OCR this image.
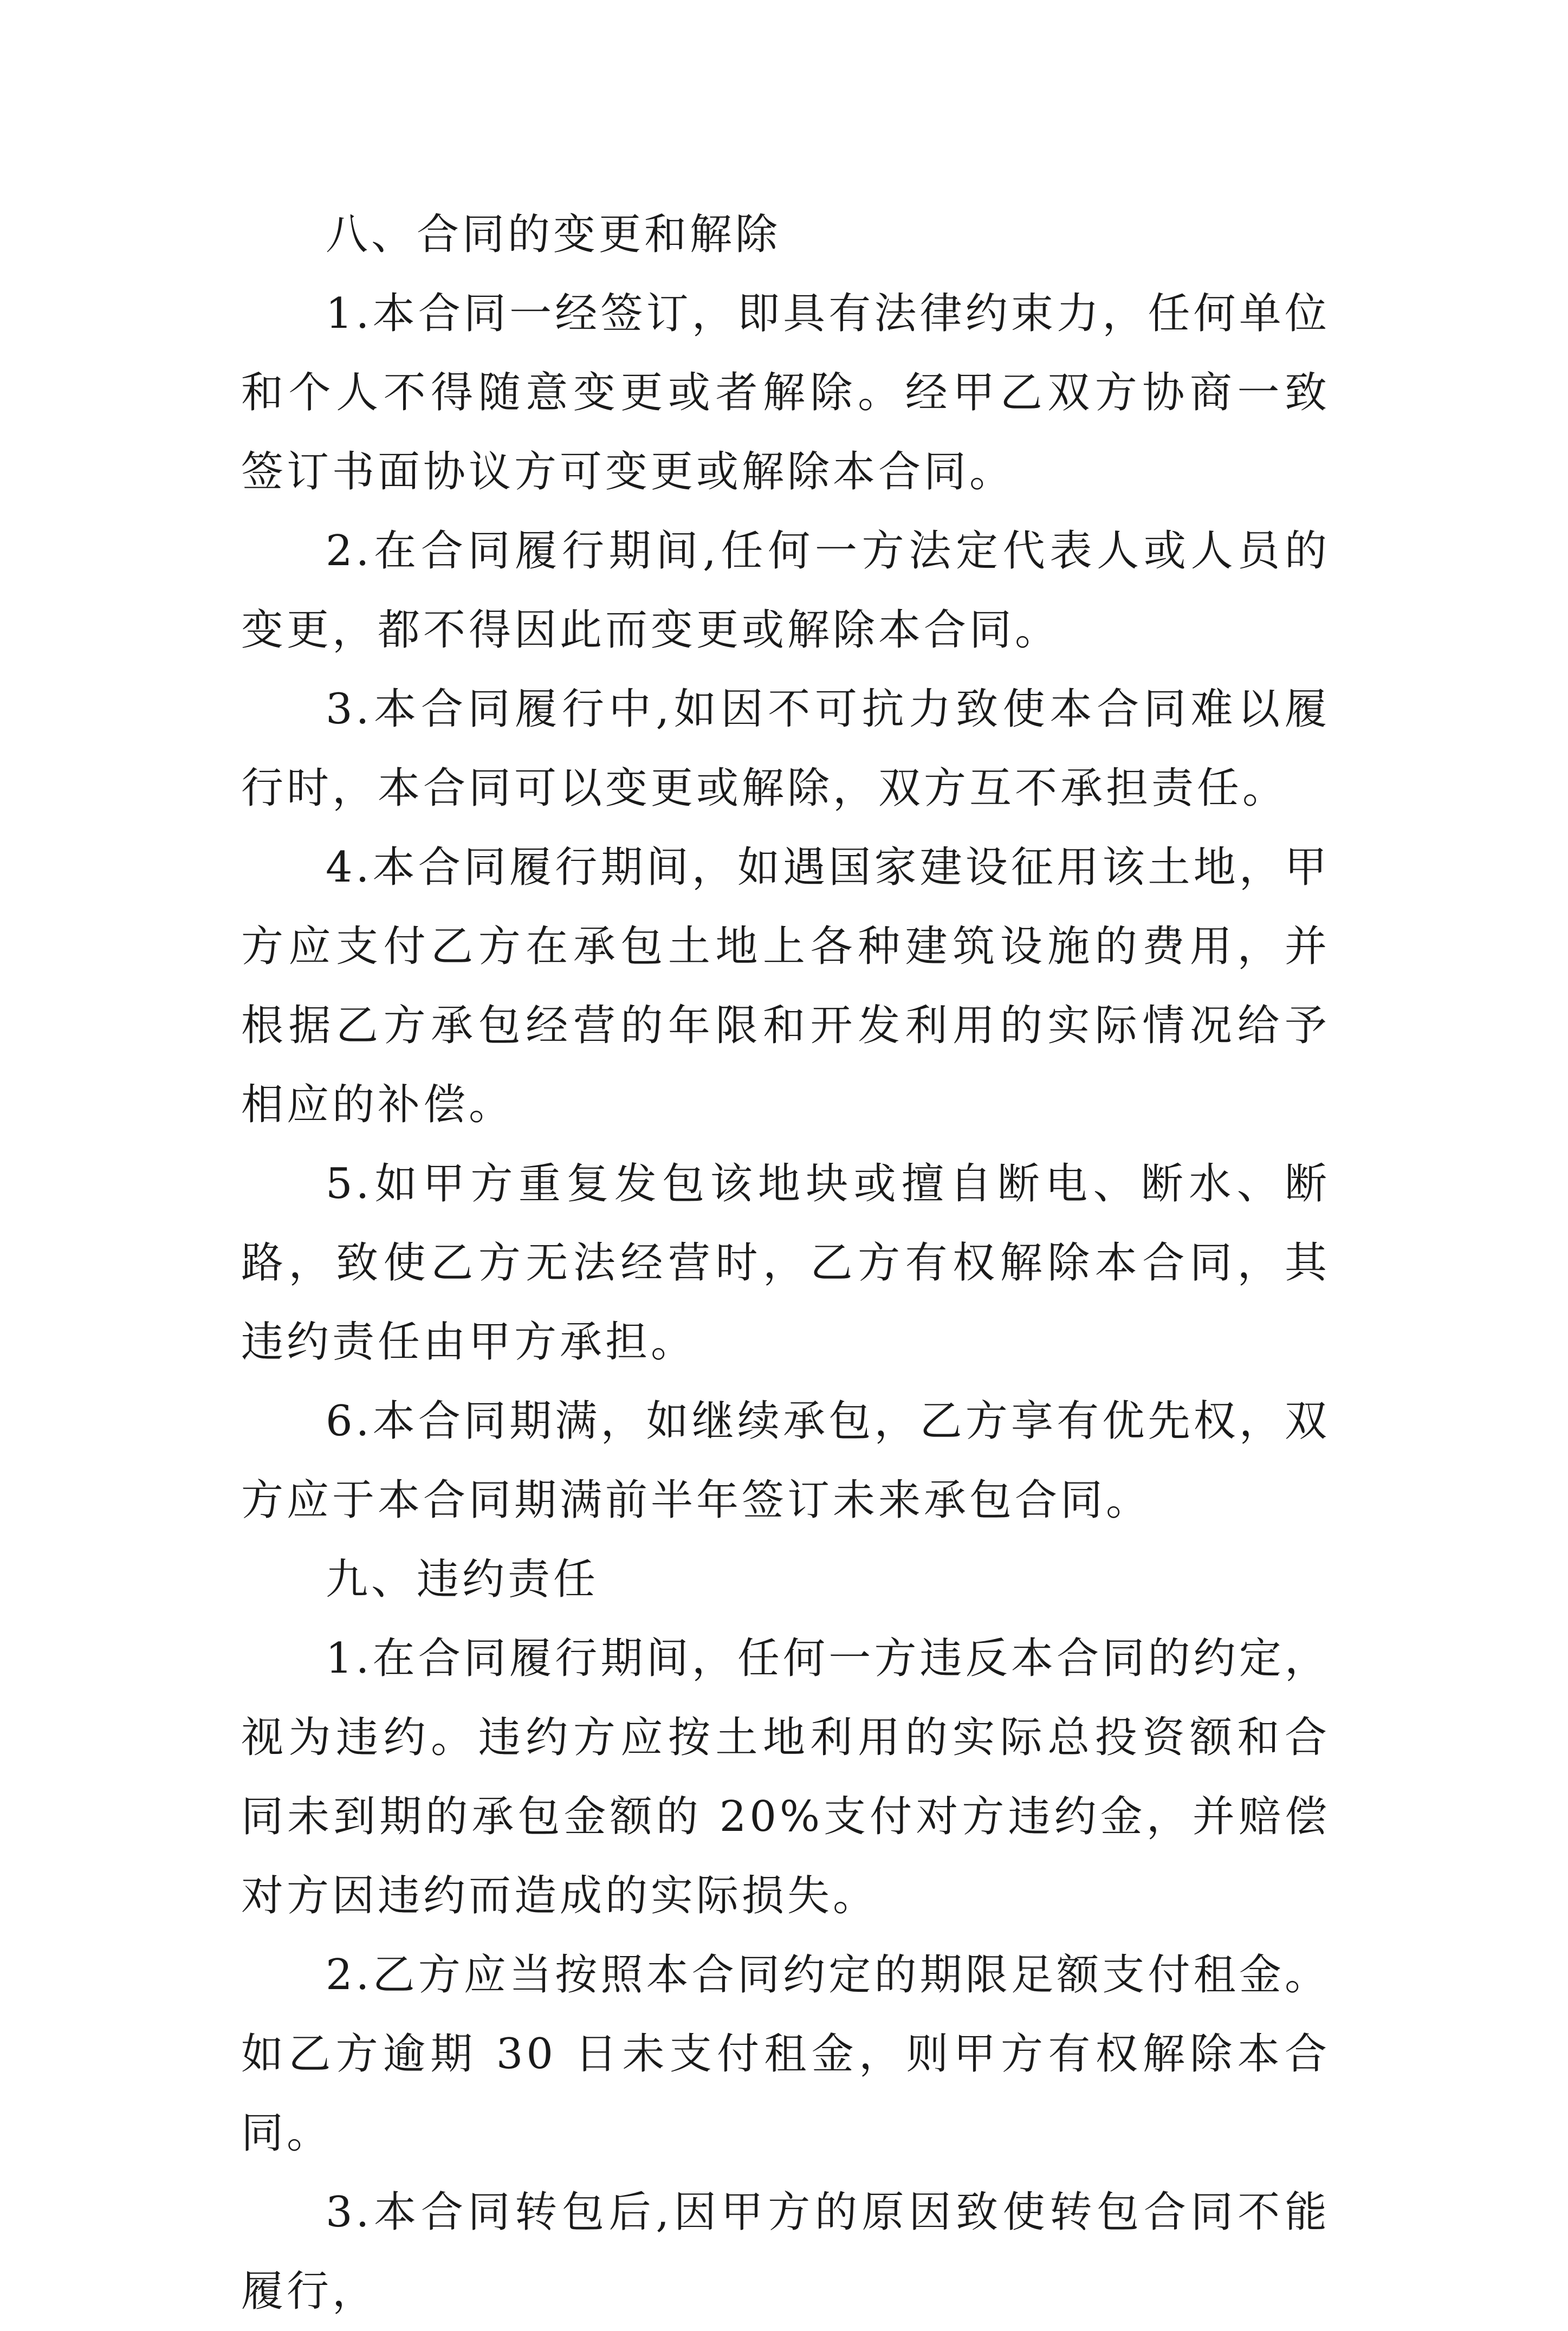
八、合同的变更和解除

1.本合同一经签订，即具有法律约束力，任何单位和个人不得随意变更或者解除。经甲乙双方协商一致签订书面协议方可变更或解除本合同。

2.在合同履行期间,任何一方法定代表人或人员的变更，都不得因此而变更或解除本合同。

3.本合同履行中,如因不可抗力致使本合同难以履行时，本合同可以变更或解除，双方互不承担责任。

4.本合同履行期间，如遇国家建设征用该土地，甲方应支付乙方在承包土地上各种建筑设施的费用，并根据乙方承包经营的年限和开发利用的实际情况给予相应的补偿。

5.如甲方重复发包该地块或擅自断电、断水、断路，致使乙方无法经营时，乙方有权解除本合同，其违约责任由甲方承担。

6.本合同期满，如继续承包，乙方享有优先权，双方应于本合同期满前半年签订未来承包合同。

九、违约责任

1.在合同履行期间，任何一方违反本合同的约定，视为违约。违约方应按土地利用的实际总投资额和合同未到期的承包金额的 20%支付对方违约金，并赔偿对方因违约而造成的实际损失。

2.乙方应当按照本合同约定的期限足额支付租金。如乙方逾期 30 日未支付租金，则甲方有权解除本合同。

3.本合同转包后,因甲方的原因致使转包合同不能履行，
